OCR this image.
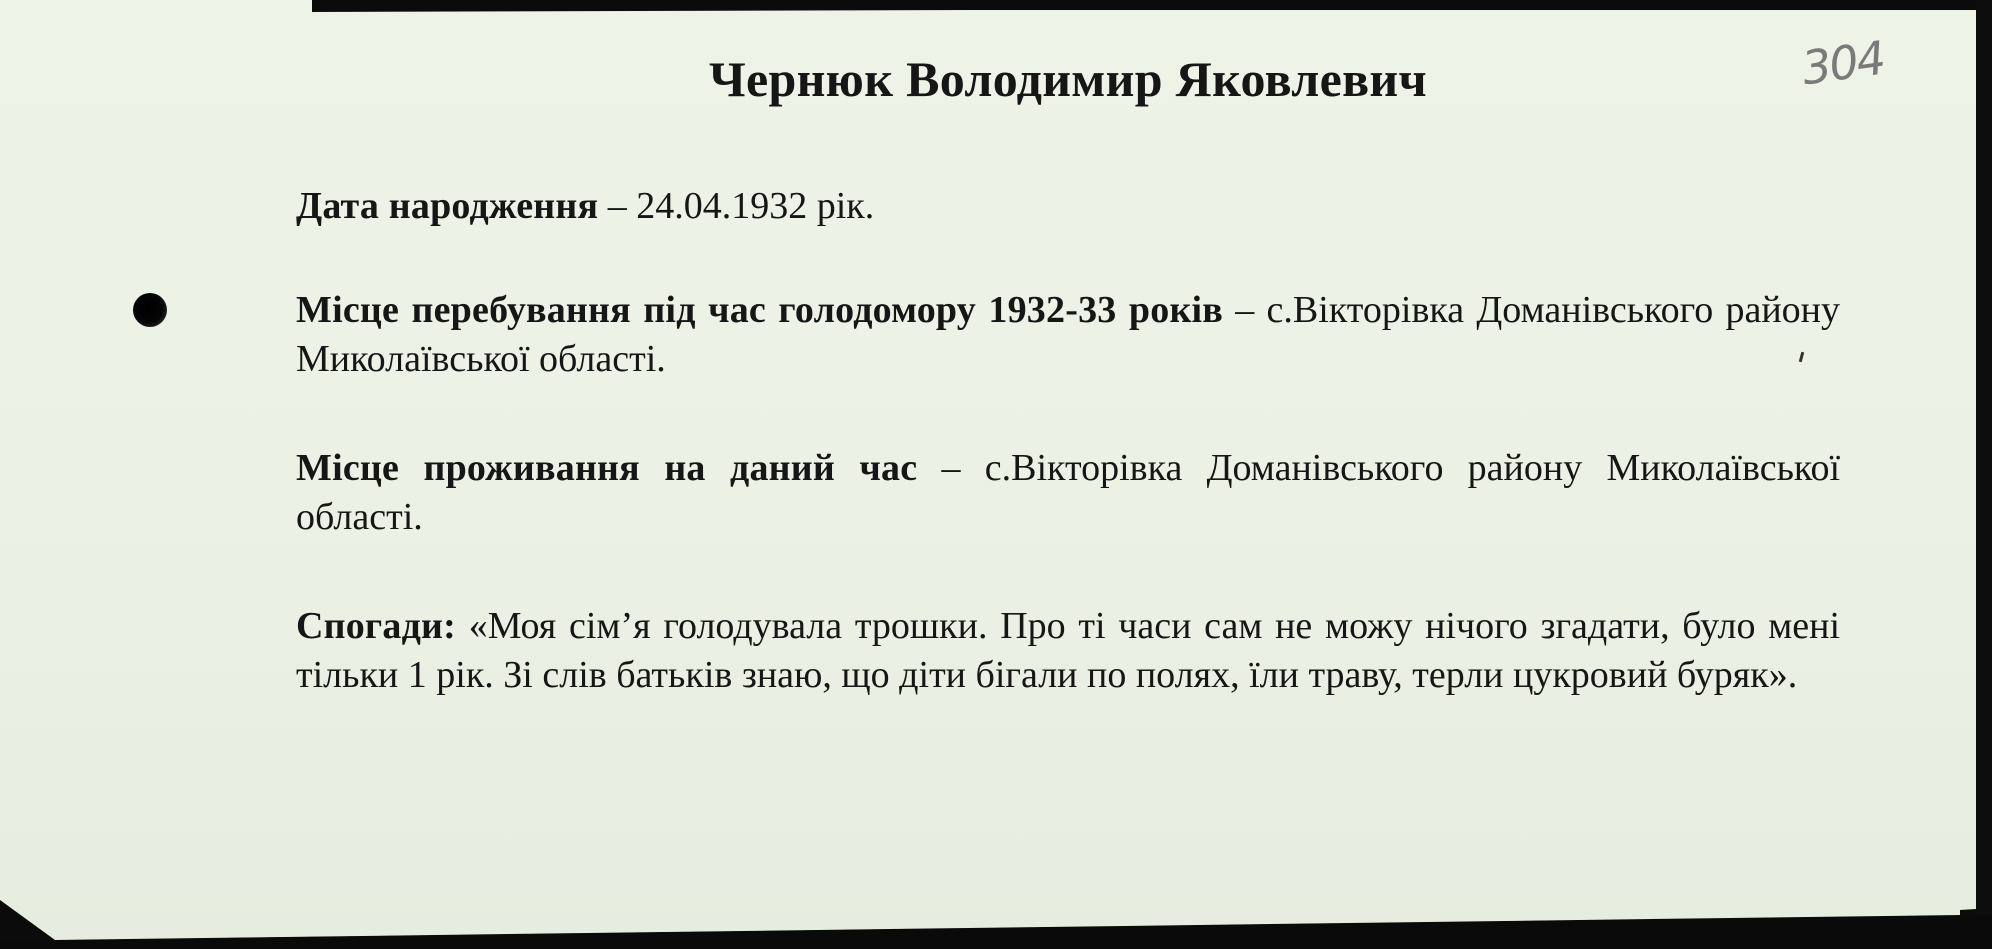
304
Чернюк Володимир Яковлевич
Дата народження – 24.04.1932 рік.
Місце перебування під час голодомору 1932-33 років – с.Вікторівка Доманівського району Миколаївської області.
Місце проживання на даний час – с.Вікторівка Доманівського району Миколаївської області.
Спогади: «Моя сім’я голодувала трошки. Про ті часи сам не можу нічого згадати, було мені тільки 1 рік. Зі слів батьків знаю, що діти бігали по полях, їли траву, терли цукровий буряк».
